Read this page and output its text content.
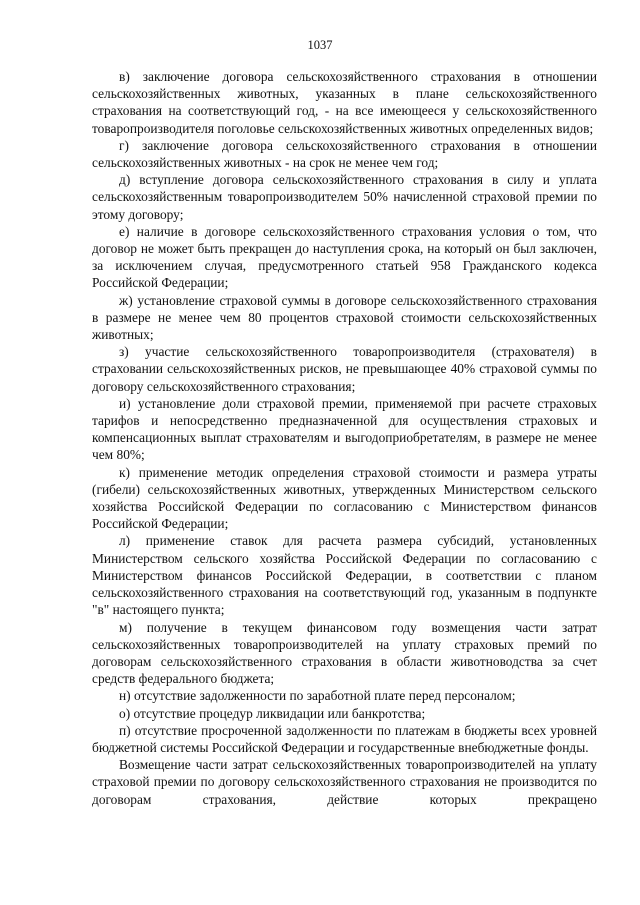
1037

в) заключение договора сельскохозяйственного страхования в отношении сельскохозяйственных животных, указанных в плане сельскохозяйственного страхования на соответствующий год, - на все имеющееся у сельскохозяйственного товаропроизводителя поголовье сельскохозяйственных животных определенных видов;

г) заключение договора сельскохозяйственного страхования в отношении сельскохозяйственных животных - на срок не менее чем год;

д) вступление договора сельскохозяйственного страхования в силу и уплата сельскохозяйственным товаропроизводителем 50% начисленной страховой премии по этому договору;

е) наличие в договоре сельскохозяйственного страхования условия о том, что договор не может быть прекращен до наступления срока, на который он был заключен, за исключением случая, предусмотренного статьей 958 Гражданского кодекса Российской Федерации;

ж) установление страховой суммы в договоре сельскохозяйственного страхования в размере не менее чем 80 процентов страховой стоимости сельскохозяйственных животных;

з) участие сельскохозяйственного товаропроизводителя (страхователя) в страховании сельскохозяйственных рисков, не превышающее 40% страховой суммы по договору сельскохозяйственного страхования;

и) установление доли страховой премии, применяемой при расчете страховых тарифов и непосредственно предназначенной для осуществления страховых и компенсационных выплат страхователям и выгодоприобретателям, в размере не менее чем 80%;

к) применение методик определения страховой стоимости и размера утраты (гибели) сельскохозяйственных животных, утвержденных Министерством сельского хозяйства Российской Федерации по согласованию с Министерством финансов Российской Федерации;

л) применение ставок для расчета размера субсидий, установленных Министерством сельского хозяйства Российской Федерации по согласованию с Министерством финансов Российской Федерации, в соответствии с планом сельскохозяйственного страхования на соответствующий год, указанным в подпункте "в" настоящего пункта;

м) получение в текущем финансовом году возмещения части затрат сельскохозяйственных товаропроизводителей на уплату страховых премий по договорам сельскохозяйственного страхования в области животноводства за счет средств федерального бюджета;

н) отсутствие задолженности по заработной плате перед персоналом;

о) отсутствие процедур ликвидации или банкротства;

п) отсутствие просроченной задолженности по платежам в бюджеты всех уровней бюджетной системы Российской Федерации и государственные внебюджетные фонды.

Возмещение части затрат сельскохозяйственных товаропроизводителей на уплату страховой премии по договору сельскохозяйственного страхования не производится по договорам страхования, действие которых прекращено
